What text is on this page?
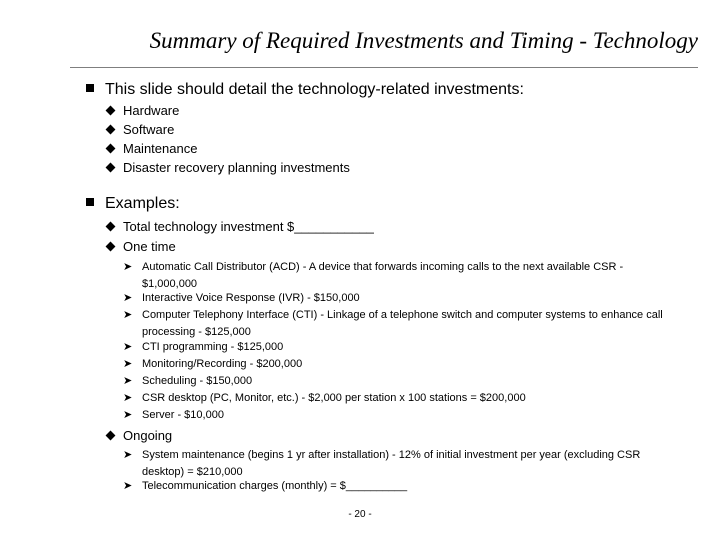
Summary of Required Investments and Timing - Technology
This slide should detail the technology-related investments:
Hardware
Software
Maintenance
Disaster recovery planning investments
Examples:
Total technology investment $___________
One time
➤ Automatic Call Distributor (ACD) - A device that forwards incoming calls to the next available CSR - $1,000,000
➤ Interactive Voice Response (IVR) - $150,000
➤ Computer Telephony Interface (CTI) - Linkage of a telephone switch and computer systems to enhance call processing - $125,000
➤ CTI programming - $125,000
➤ Monitoring/Recording - $200,000
➤ Scheduling - $150,000
➤ CSR desktop (PC, Monitor, etc.) - $2,000 per station x 100 stations = $200,000
➤ Server - $10,000
Ongoing
➤ System maintenance (begins 1 yr after installation) - 12% of initial investment per year (excluding CSR desktop) = $210,000
➤ Telecommunication charges (monthly) = $__________
- 20 -
